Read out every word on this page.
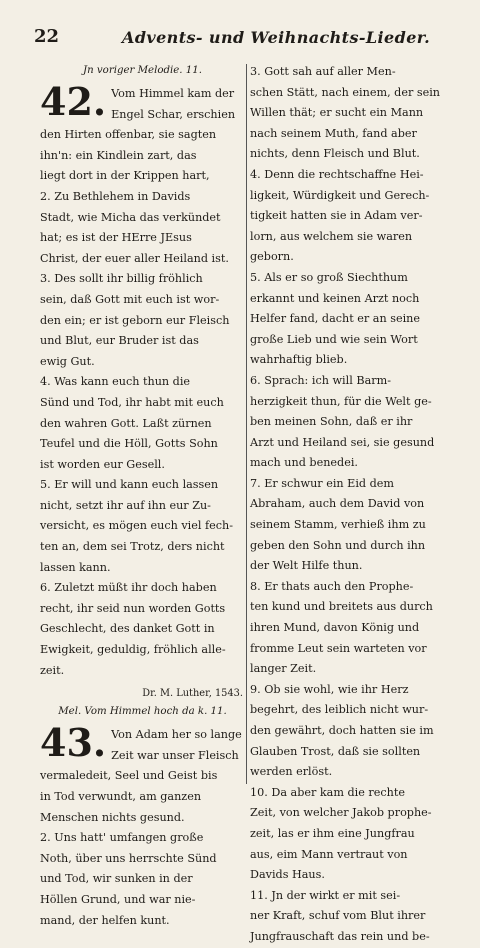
22	Advents- und Weihnachts-Lieder.
Jn voriger Melodie. 11.
42. Vom Himmel kam der
Engel Schar, erschien
den Hirten offenbar, sie sagten
ihn'n: ein Kindlein zart, das
liegt dort in der Krippen hart,
2. Zu Bethlehem in Davids
Stadt, wie Micha das verkündet
hat; es ist der HErre JEsus
Christ, der euer aller Heiland ist.
3. Des sollt ihr billig fröhlich
sein, daß Gott mit euch ist wor-
den ein; er ist geborn eur Fleisch
und Blut, eur Bruder ist das
ewig Gut.
4. Was kann euch thun die
Sünd und Tod, ihr habt mit euch
den wahren Gott. Laßt zürnen
Teufel und die Höll, Gotts Sohn
ist worden eur Gesell.
5. Er will und kann euch lassen
nicht, setzt ihr auf ihn eur Zu-
versicht, es mögen euch viel fech-
ten an, dem sei Trotz, ders nicht
lassen kann.
6. Zuletzt müßt ihr doch haben
recht, ihr seid nun worden Gotts
Geschlecht, des danket Gott in
Ewigkeit, geduldig, fröhlich alle-
zeit.
Dr. M. Luther, 1543.
Mel. Vom Himmel hoch da k. 11.
43. Von Adam her so lange
Zeit war unser Fleisch
vermaledeit, Seel und Geist bis
in Tod verwundt, am ganzen
Menschen nichts gesund.
2. Uns hatt' umfangen große
Noth, über uns herrschte Sünd
und Tod, wir sunken in der
Höllen Grund, und war nie-
mand, der helfen kunt.
3. Gott sah auf aller Men-
schen Stätt, nach einem, der sein
Willen thät; er sucht ein Mann
nach seinem Muth, fand aber
nichts, denn Fleisch und Blut.
4. Denn die rechtschaffne Hei-
ligkeit, Würdigkeit und Gerech-
tigkeit hatten sie in Adam ver-
lorn, aus welchem sie waren
geborn.
5. Als er so groß Siechthum
erkannt und keinen Arzt noch
Helfer fand, dacht er an seine
große Lieb und wie sein Wort
wahrhaftig blieb.
6. Sprach: ich will Barm-
herzigkeit thun, für die Welt ge-
ben meinen Sohn, daß er ihr
Arzt und Heiland sei, sie gesund
mach und benedei.
7. Er schwur ein Eid dem
Abraham, auch dem David von
seinem Stamm, verhieß ihm zu
geben den Sohn und durch ihn
der Welt Hilfe thun.
8. Er thats auch den Prophe-
ten kund und breitets aus durch
ihren Mund, davon König und
fromme Leut sein warteten vor
langer Zeit.
9. Ob sie wohl, wie ihr Herz
begehrt, des leiblich nicht wur-
den gewährt, doch hatten sie im
Glauben Trost, daß sie sollten
werden erlöst.
10. Da aber kam die rechte
Zeit, von welcher Jakob prophe-
zeit, las er ihm eine Jungfrau
aus, eim Mann vertraut von
Davids Haus.
11. Jn der wirkt er mit sei-
ner Kraft, schuf vom Blut ihrer
Jungfrauschaft das rein und be-
